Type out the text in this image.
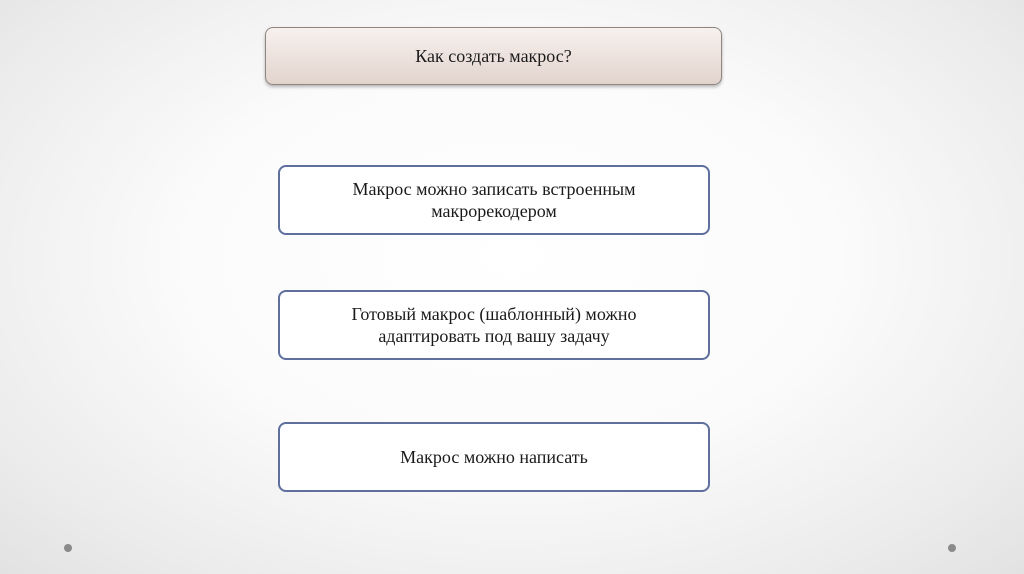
Как создать макрос?
Макрос можно записать встроенным
макрорекодером
Готовый макрос (шаблонный) можно
адаптировать под вашу задачу
Макрос можно написать
